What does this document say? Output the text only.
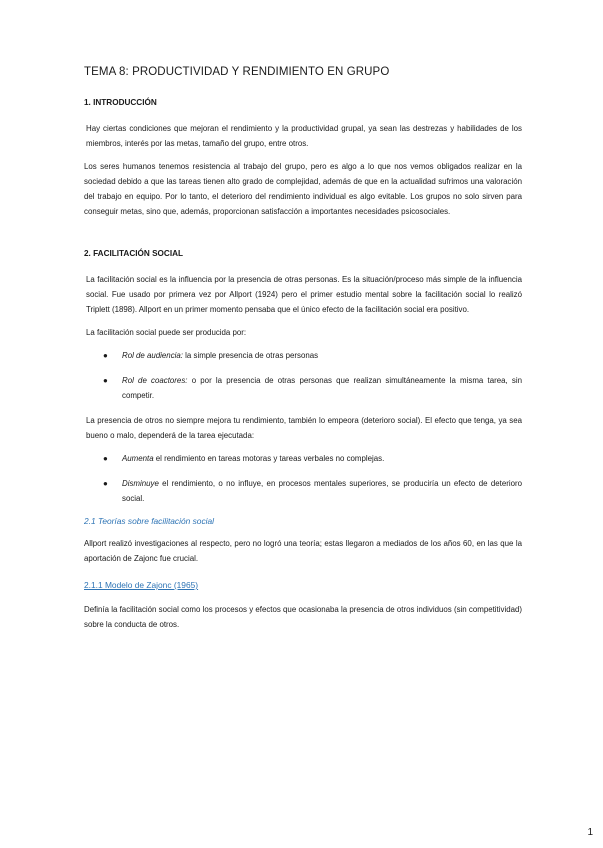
TEMA 8: PRODUCTIVIDAD Y RENDIMIENTO EN GRUPO
1. INTRODUCCIÓN

Hay ciertas condiciones que mejoran el rendimiento y la productividad grupal, ya sean las destrezas y habilidades de los miembros, interés por las metas, tamaño del grupo, entre otros.

Los seres humanos tenemos resistencia al trabajo del grupo, pero es algo a lo que nos vemos obligados realizar en la sociedad debido a que las tareas tienen alto grado de complejidad, además de que en la actualidad sufrimos una valoración del trabajo en equipo. Por lo tanto, el deterioro del rendimiento individual es algo evitable. Los grupos no solo sirven para conseguir metas, sino que, además, proporcionan satisfacción a importantes necesidades psicosociales.

2. FACILITACIÓN SOCIAL

La facilitación social es la influencia por la presencia de otras personas. Es la situación/proceso más simple de la influencia social. Fue usado por primera vez por Allport (1924) pero el primer estudio mental sobre la facilitación social lo realizó Triplett (1898). Allport en un primer momento pensaba que el único efecto de la facilitación social era positivo.

La facilitación social puede ser producida por:

● Rol de audiencia: la simple presencia de otras personas
● Rol de coactores: o por la presencia de otras personas que realizan simultáneamente la misma tarea, sin competir.

La presencia de otros no siempre mejora tu rendimiento, también lo empeora (deterioro social). El efecto que tenga, ya sea bueno o malo, dependerá de la tarea ejecutada:

● Aumenta el rendimiento en tareas motoras y tareas verbales no complejas.
● Disminuye el rendimiento, o no influye, en procesos mentales superiores, se produciría un efecto de deterioro social.
2.1 Teorías sobre facilitación social

Allport realizó investigaciones al respecto, pero no logró una teoría; estas llegaron a mediados de los años 60, en las que la aportación de Zajonc fue crucial.

2.1.1 Modelo de Zajonc (1965)

Definía la facilitación social como los procesos y efectos que ocasionaba la presencia de otros individuos (sin competitividad) sobre la conducta de otros.

1
